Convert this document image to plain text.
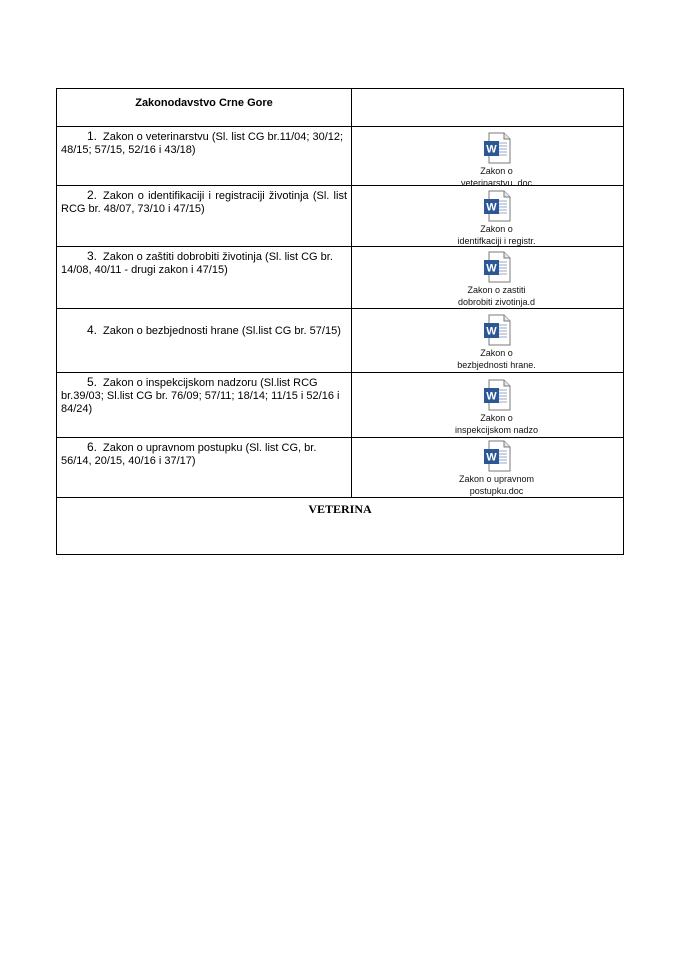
Zakonodavstvo Crne Gore	
1. Zakon o veterinarstvu (Sl. list CG br.11/04; 30/12; 48/15; 57/15, 52/16 i 43/18)	W
Zakon o
veterinarstvu .doc

2. Zakon o identifikaciji i registraciji životinja (Sl. list RCG br. 48/07, 73/10 i 47/15)	W
Zakon o
identifkaciji i registr.

3. Zakon o zaštiti dobrobiti životinja (Sl. list CG br. 14/08, 40/11 - drugi zakon i 47/15)	W
Zakon o zastiti
dobrobiti zivotinja.d

4. Zakon o bezbjednosti hrane (Sl.list CG br. 57/15)	W
Zakon o
bezbjednosti hrane.

5. Zakon o inspekcijskom nadzoru (Sl.list RCG br.39/03; Sl.list CG br. 76/09; 57/11; 18/14; 11/15 i 52/16 i 84/24)	W
Zakon o
inspekcijskom nadzo

6. Zakon o upravnom postupku (Sl. list CG, br. 56/14, 20/15, 40/16 i 37/17)	W
Zakon o upravnom
postupku.doc

VETERINA	
